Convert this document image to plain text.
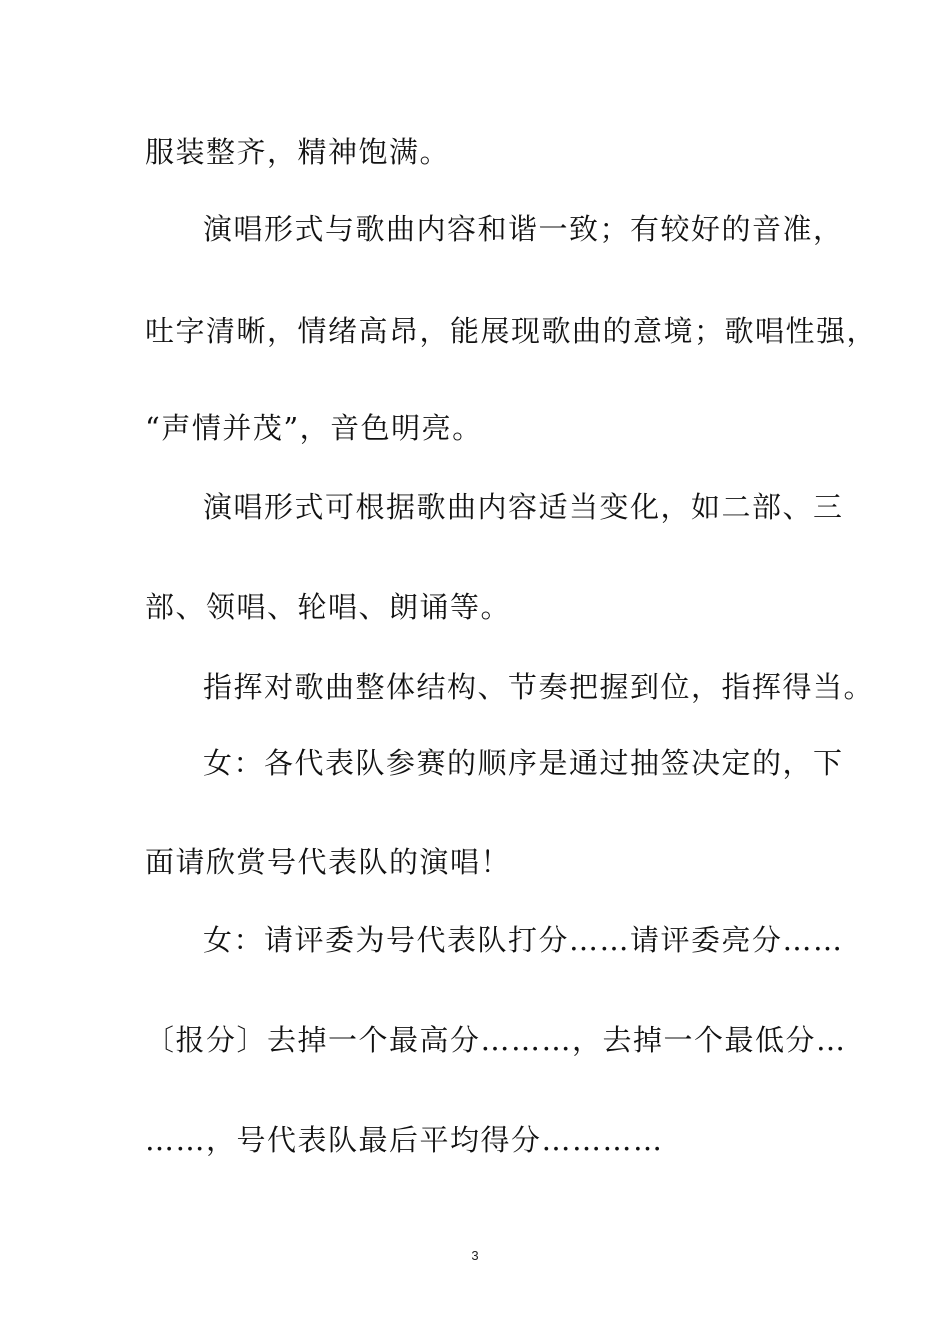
服装整齐，精神饱满。
演唱形式与歌曲内容和谐一致；有较好的音准，
吐字清晰，情绪高昂，能展现歌曲的意境；歌唱性强，
“声情并茂”，音色明亮。
演唱形式可根据歌曲内容适当变化，如二部、三
部、领唱、轮唱、朗诵等。
指挥对歌曲整体结构、节奏把握到位，指挥得当。
女：各代表队参赛的顺序是通过抽签决定的，下
面请欣赏号代表队的演唱！
女：请评委为号代表队打分……请评委亮分……
〔报分〕去掉一个最高分………，去掉一个最低分…
……，号代表队最后平均得分…………
3
